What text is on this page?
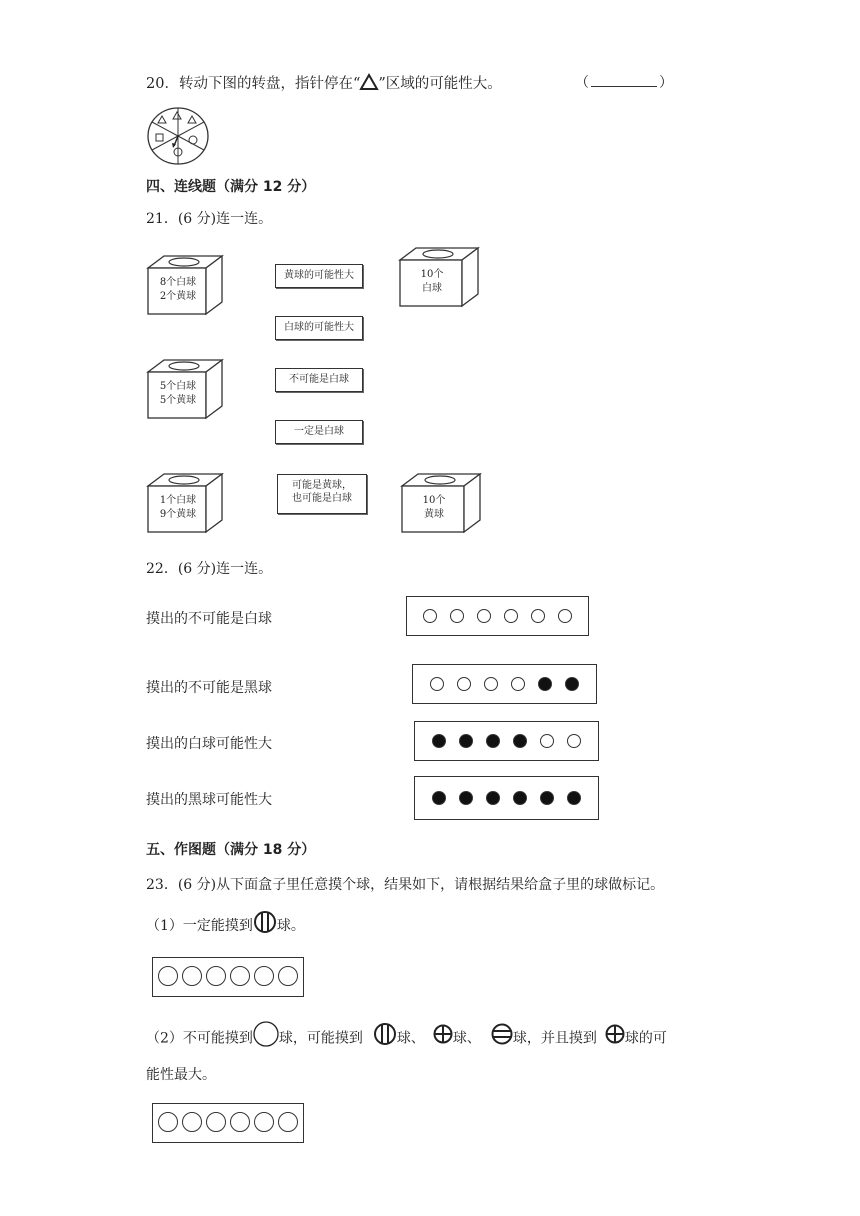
20．转动下图的转盘，指针停在“ ”区域的可能性大。	（	）
四、连线题（满分 12 分）
21．(6 分)连一连。
8个白球
2个黄球
5个白球
5个黄球
1个白球
9个黄球
黄球的可能性大
白球的可能性大
不可能是白球
一定是白球
可能是黄球，
也可能是白球
10个
白球
10个
黄球
22．(6 分)连一连。
摸出的不可能是白球
摸出的不可能是黑球
摸出的白球可能性大
摸出的黑球可能性大
五、作图题（满分 18 分）
23．(6 分)从下面盒子里任意摸个球，结果如下，请根据结果给盒子里的球做标记。
（1）一定能摸到 球。
（2）不可能摸到 球，可能摸到 球、 球、 球，并且摸到 球的可
能性最大。
